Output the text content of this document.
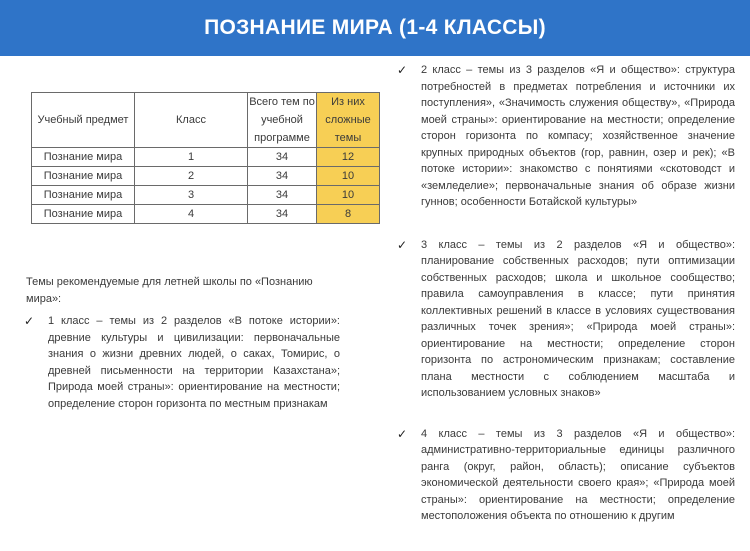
ПОЗНАНИЕ МИРА (1-4 КЛАССЫ)
Учебный предмет	Класс	Всего тем по учебной программе	Из них сложные темы
Познание мира	1	34	12
Познание мира	2	34	10
Познание мира	3	34	10
Познание мира	4	34	8

Темы рекомендуемые для летней школы по «Познанию мира»:

✓ 1 класс – темы из 2 разделов «В потоке истории»: древние культуры и цивилизации: первоначальные знания о жизни древних людей, о саках, Томирис, о древней письменности на территории Казахстана»; Природа моей страны»: ориентирование на местности; определение сторон горизонта по местным признакам
✓ 2 класс – темы из 3 разделов «Я и общество»: структура потребностей в предметах потребления и источники их поступления», «Значимость служения обществу», «Природа моей страны»: ориентирование на местности; определение сторон горизонта по компасу; хозяйственное значение крупных природных объектов (гор, равнин, озер и рек); «В потоке истории»: знакомство с понятиями «скотоводст и «земледелие»; первоначальные знания об образе жизни гуннов; особенности Ботайской культуры»
✓ 3 класс – темы из 2 разделов «Я и общество»: планирование собственных расходов; пути оптимизации собственных расходов; школа и школьное сообщество; правила самоуправления в классе; пути принятия коллективных решений в классе в условиях существования различных точек зрения»; «Природа моей страны»: ориентирование на местности; определение сторон горизонта по астрономическим признакам; составление плана местности с соблюдением масштаба и использованием условных знаков»
✓ 4 класс – темы из 3 разделов «Я и общество»: административно-территориальные единицы различного ранга (округ, район, область); описание субъектов экономической деятельности своего края»; «Природа моей страны»: ориентирование на местности; определение местоположения объекта по отношению к другим
